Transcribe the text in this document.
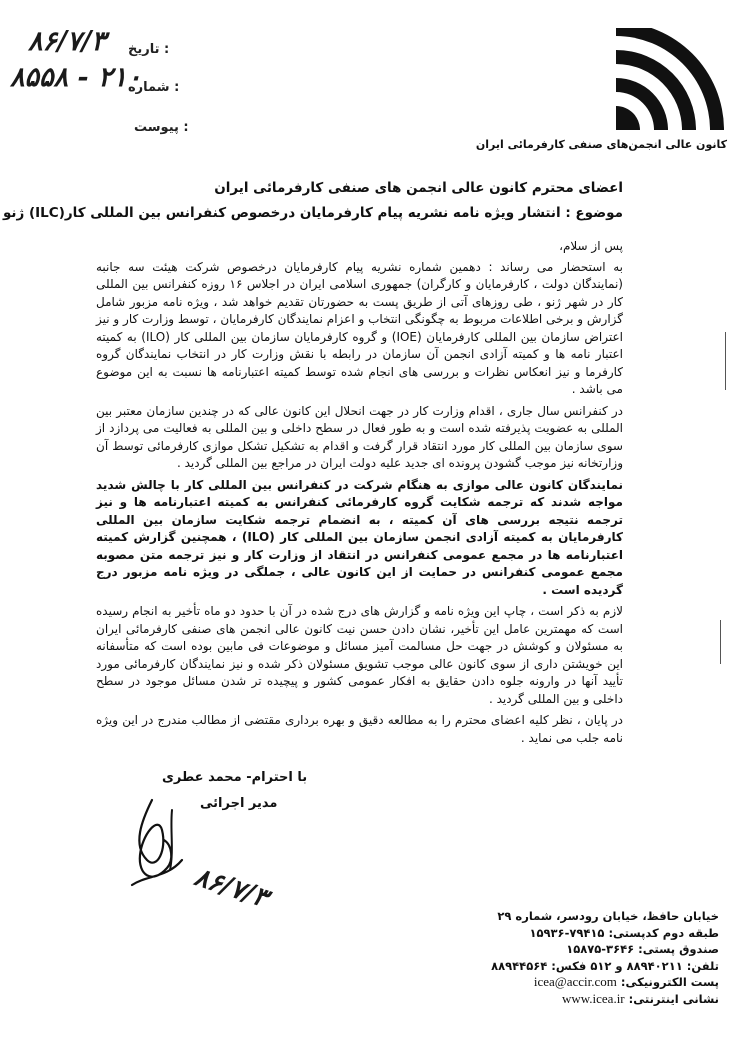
: تاریخ
۸۶/۷/۳
: شماره
۸۵۵۸ - ۲۱۰
: پیوست
کانون عالی انجمن‌های صنفی کارفرمائی ایران
اعضای محترم کانون عالی انجمن های صنفی کارفرمائی ایران
موضوع : انتشار ویژه نامه نشریه پیام کارفرمایان درخصوص کنفرانس بین المللی کار(ILC) ژنو

پس از سلام،

به استحضار می رساند : دهمین شماره نشریه پیام کارفرمایان درخصوص شرکت هیئت سه جانبه (نمایندگان دولت ، کارفرمایان و کارگران) جمهوری اسلامی ایران در اجلاس ۱۶ روزه کنفرانس بین المللی کار در شهر ژنو ، طی روزهای آتی از طریق پست به حضورتان تقدیم خواهد شد ، ویژه نامه مزبور شامل گزارش و برخی اطلاعات مربوط به چگونگی انتخاب و اعزام نمایندگان کارفرمایان ، توسط وزارت کار و نیز اعتراض سازمان بین المللی کارفرمایان (IOE) و گروه کارفرمایان سازمان بین المللی کار (ILO) به کمیته اعتبار نامه ها و کمیته آزادی انجمن آن سازمان در رابطه با نقش وزارت کار در انتخاب نمایندگان گروه کارفرما و نیز انعکاس نظرات و بررسی های انجام شده توسط کمیته اعتبارنامه ها نسبت به این موضوع می باشد .

در کنفرانس سال جاری ، اقدام وزارت کار در جهت انحلال این کانون عالی که در چندین سازمان معتبر بین المللی به عضویت پذیرفته شده است و به طور فعال در سطح داخلی و بین المللی به فعالیت می پردازد از سوی سازمان بین المللی کار مورد انتقاد قرار گرفت و اقدام به تشکیل تشکل موازی کارفرمائی توسط آن وزارتخانه نیز موجب گشودن پرونده ای جدید علیه دولت ایران در مراجع بین المللی گردید .

نمایندگان کانون عالی موازی به هنگام شرکت در کنفرانس بین المللی کار با چالش شدید مواجه شدند که ترجمه شکایت گروه کارفرمائی کنفرانس به کمیته اعتبارنامه ها و نیز ترجمه نتیجه بررسی های آن کمیته ، به انضمام ترجمه شکایت سازمان بین المللی کارفرمایان به کمیته آزادی انجمن سازمان بین المللی کار (ILO) ، همچنین گزارش کمیته اعتبارنامه ها در مجمع عمومی کنفرانس در انتقاد از وزارت کار و نیز ترجمه متن مصوبه مجمع عمومی کنفرانس در حمایت از این کانون عالی ، جملگی در ویژه نامه مزبور درج گردیده است .

لازم به ذکر است ، چاپ این ویژه نامه و گزارش های درج شده در آن با حدود دو ماه تأخیر به انجام رسیده است که مهمترین عامل این تأخیر، نشان دادن حسن نیت کانون عالی انجمن های صنفی کارفرمائی ایران به مسئولان و کوشش در جهت حل مسالمت آمیز مسائل و موضوعات فی مابین بوده است که متأسفانه این خویشتن داری از سوی کانون عالی موجب تشویق مسئولان ذکر شده و نیز نمایندگان کارفرمائی مورد تأیید آنها در وارونه جلوه دادن حقایق به افکار عمومی کشور و پیچیده تر شدن مسائل موجود در سطح داخلی و بین المللی گردید .

در پایان ، نظر کلیه اعضای محترم را به مطالعه دقیق و بهره برداری مقتضی از مطالب مندرج در این ویژه نامه جلب می نماید .

با احترام- محمد عطری
مدیر اجرائی
۸۶/۷/۳
خیابان حافظ، خیابان رودسر، شماره ۲۹
طبقه دوم کدپستی: ۱۵۹۳۶-۷۹۴۱۵
صندوق پستی: ۱۵۸۷۵-۳۶۴۶
تلفن: ۸۸۹۴۰۲۱۱ و ۵۱۲ فکس: ۸۸۹۴۴۵۶۴
پست الکترونیکی: icea@accir.com
نشانی اینترنتی: www.icea.ir
